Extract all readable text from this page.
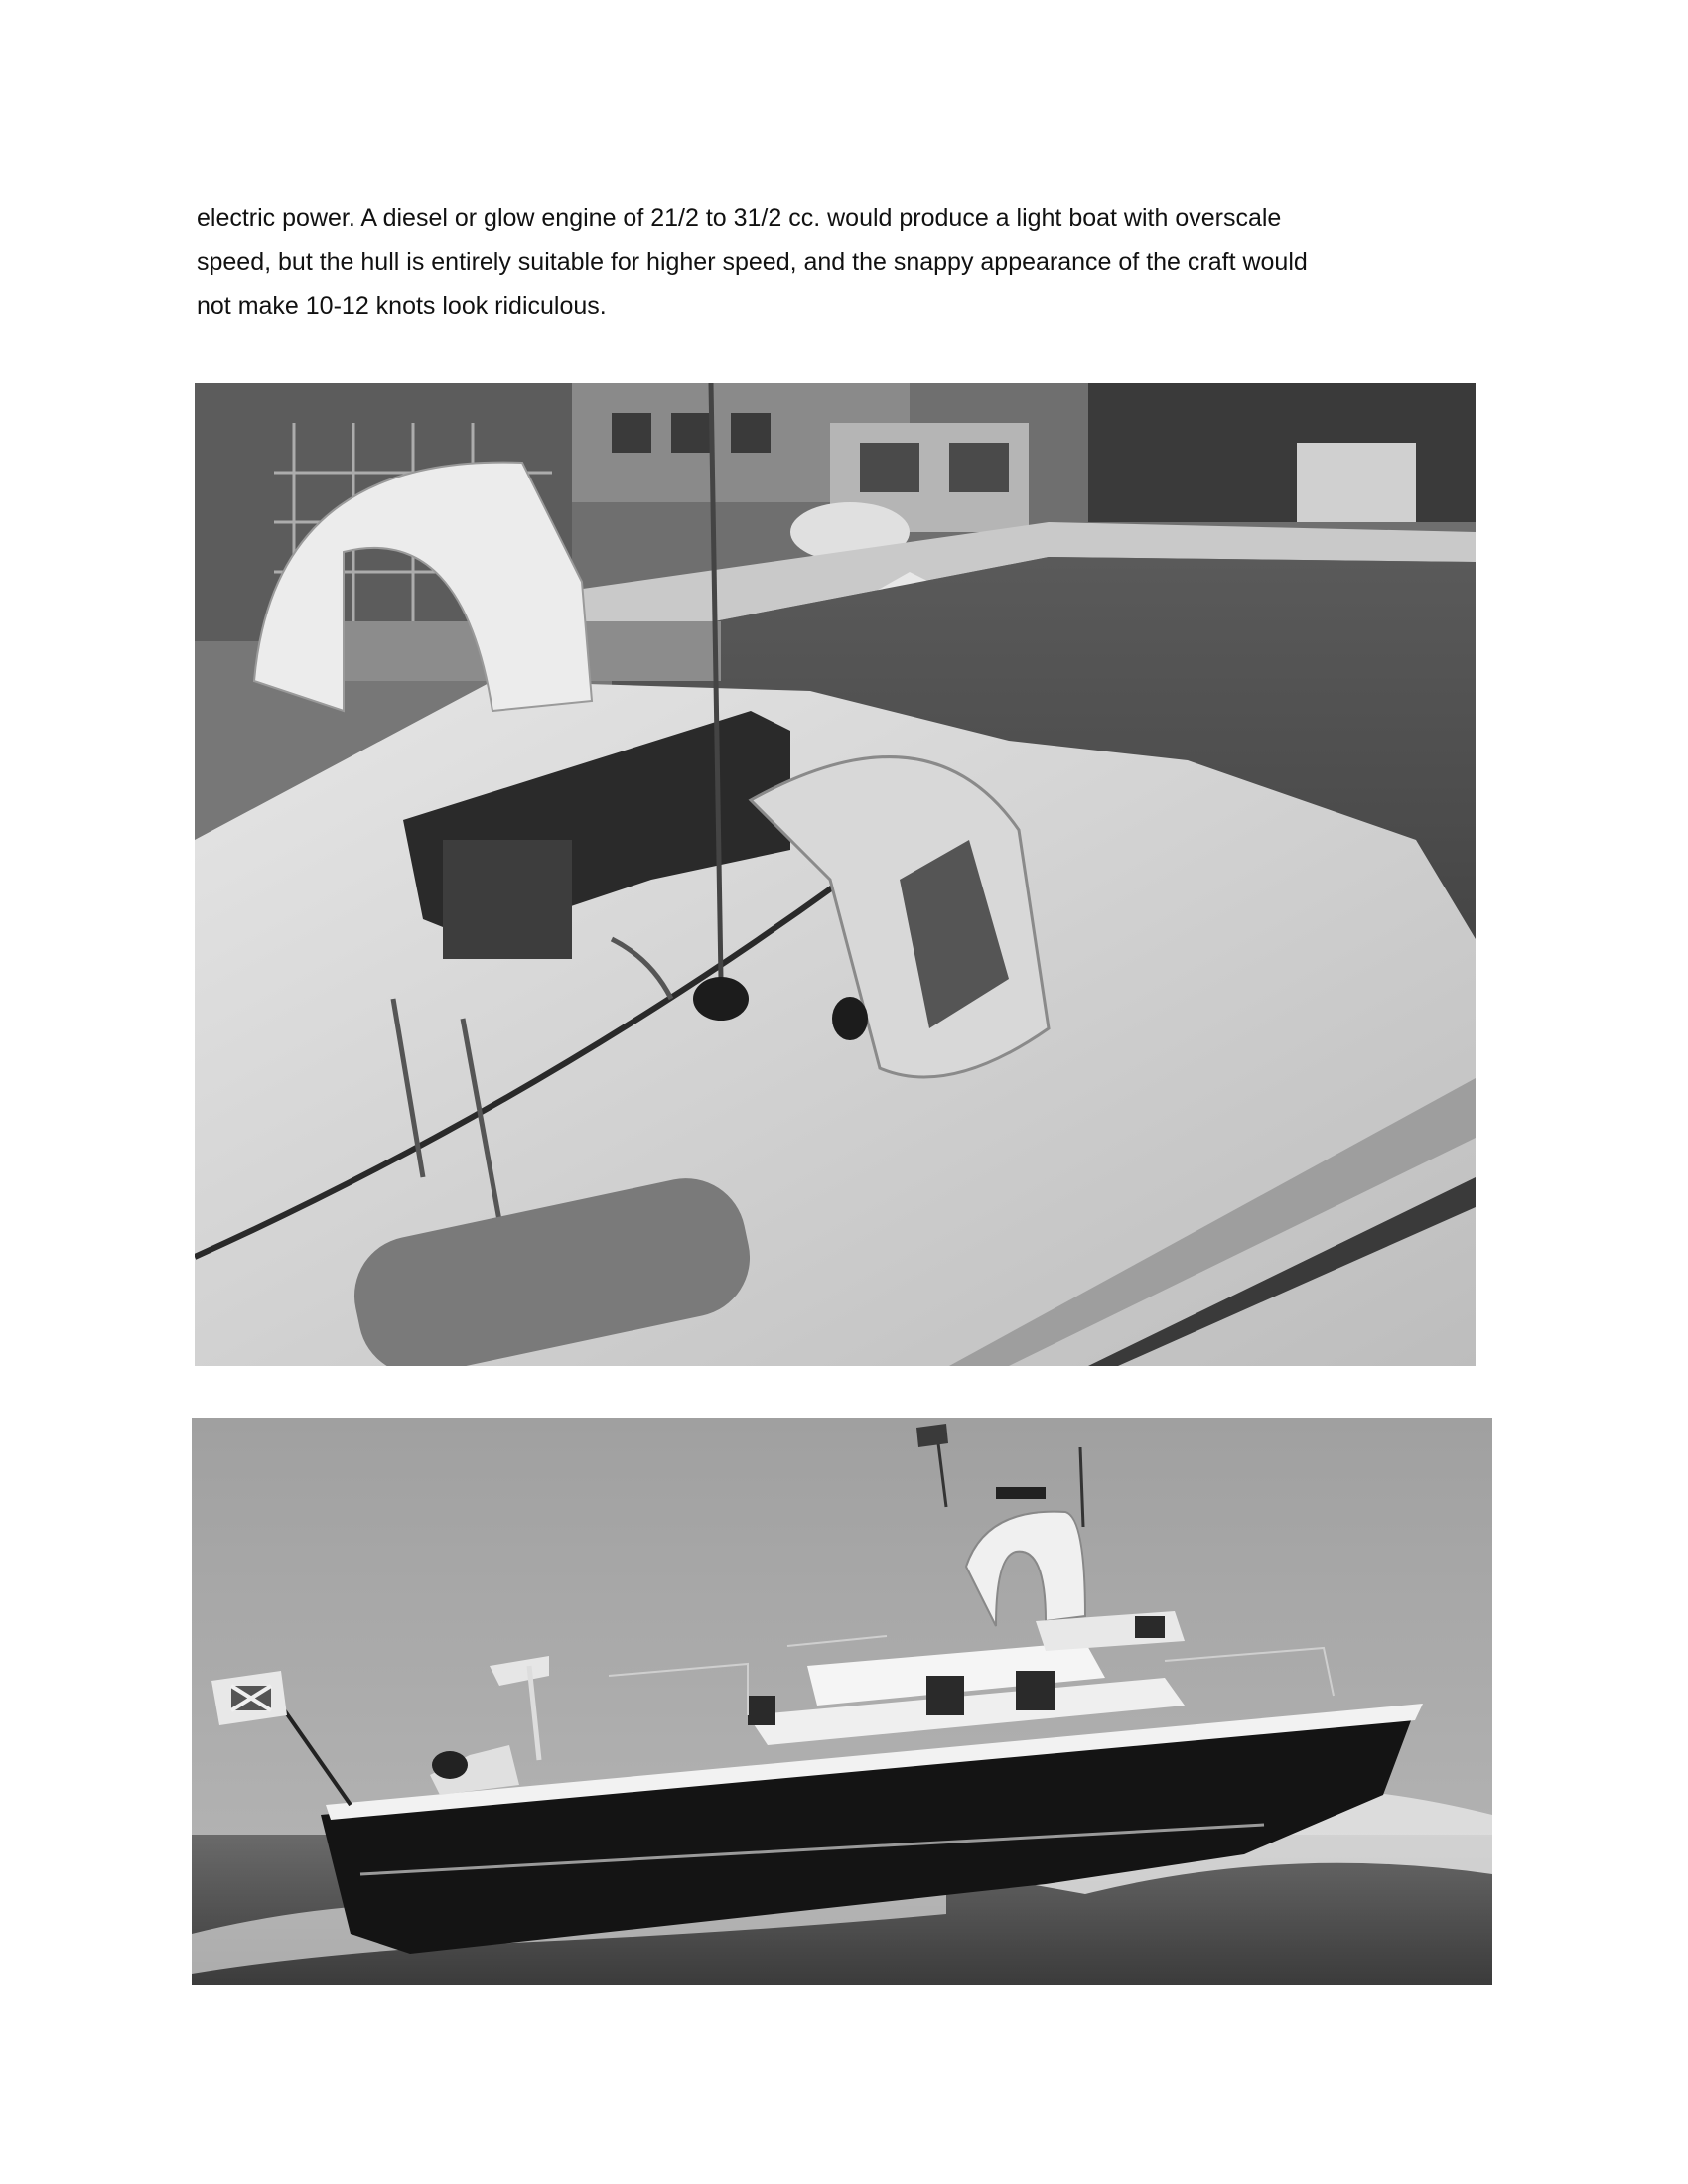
electric power. A diesel or glow engine of 21/2 to 31/2 cc. would produce a light boat with overscale

speed, but the hull is entirely suitable for higher speed, and the snappy appearance of the craft would

not make 10-12 knots look ridiculous.
